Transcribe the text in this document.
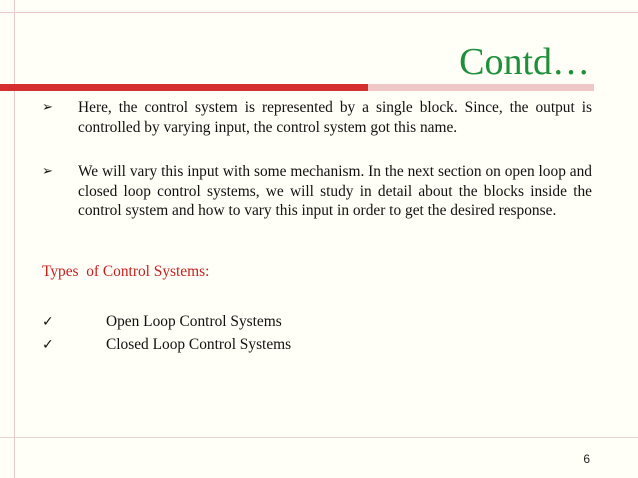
Contd…
➢	Here, the control system is represented by a single block. Since, the output is controlled by varying input, the control system got this name.
➢	We will vary this input with some mechanism. In the next section on open loop and closed loop control systems, we will study in detail about the blocks inside the control system and how to vary this input in order to get the desired response.
Types  of Control Systems:
✓	Open Loop Control Systems
✓	Closed Loop Control Systems
6
